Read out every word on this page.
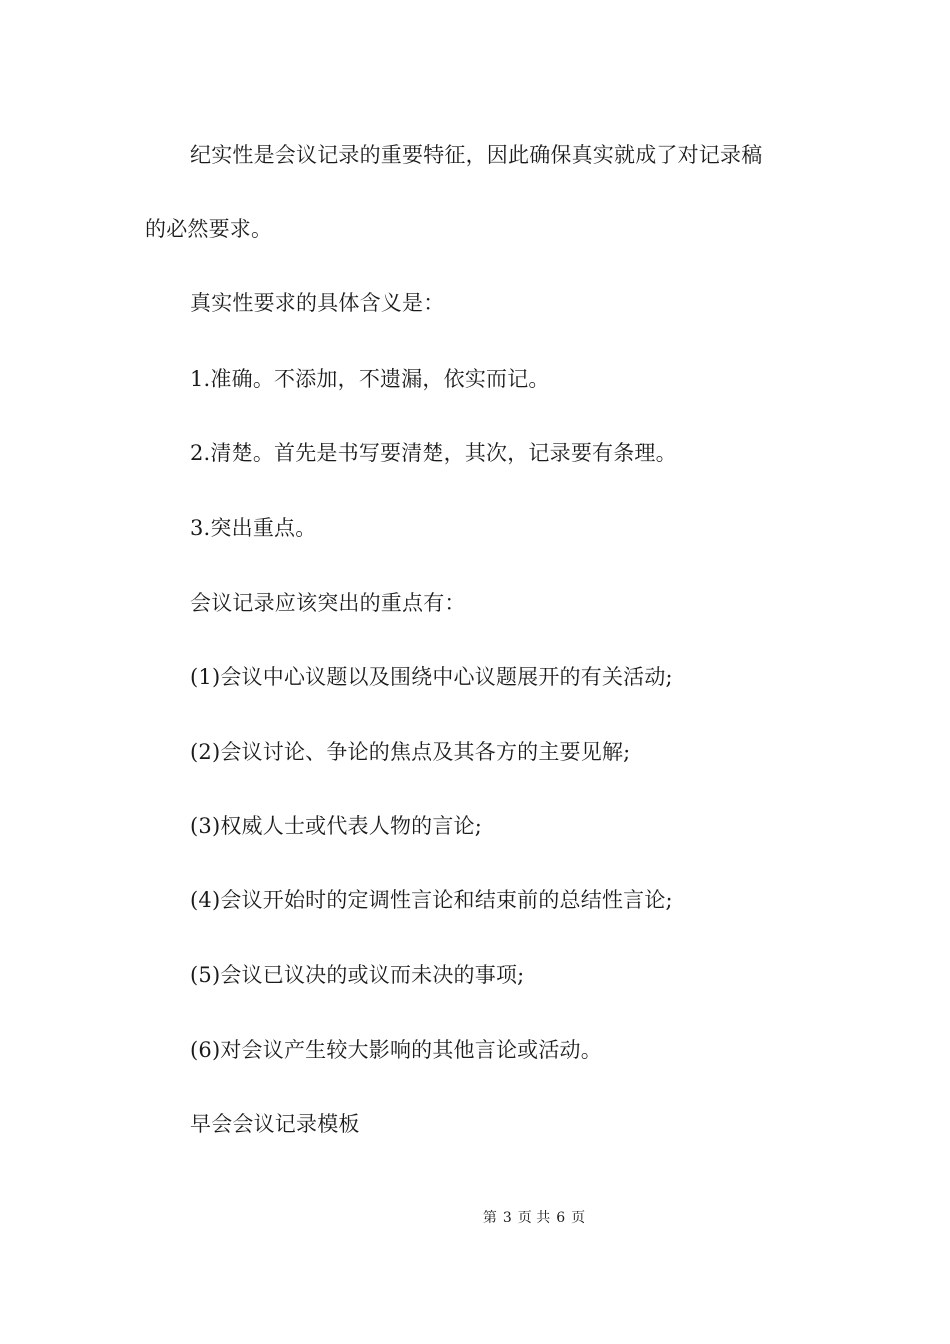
纪实性是会议记录的重要特征，因此确保真实就成了对记录稿

的必然要求。

真实性要求的具体含义是：

1.准确。不添加，不遗漏，依实而记。

2.清楚。首先是书写要清楚，其次，记录要有条理。

3.突出重点。

会议记录应该突出的重点有：

(1)会议中心议题以及围绕中心议题展开的有关活动;

(2)会议讨论、争论的焦点及其各方的主要见解;

(3)权威人士或代表人物的言论;

(4)会议开始时的定调性言论和结束前的总结性言论;

(5)会议已议决的或议而未决的事项;

(6)对会议产生较大影响的其他言论或活动。

早会会议记录模板

第 3 页 共 6 页
